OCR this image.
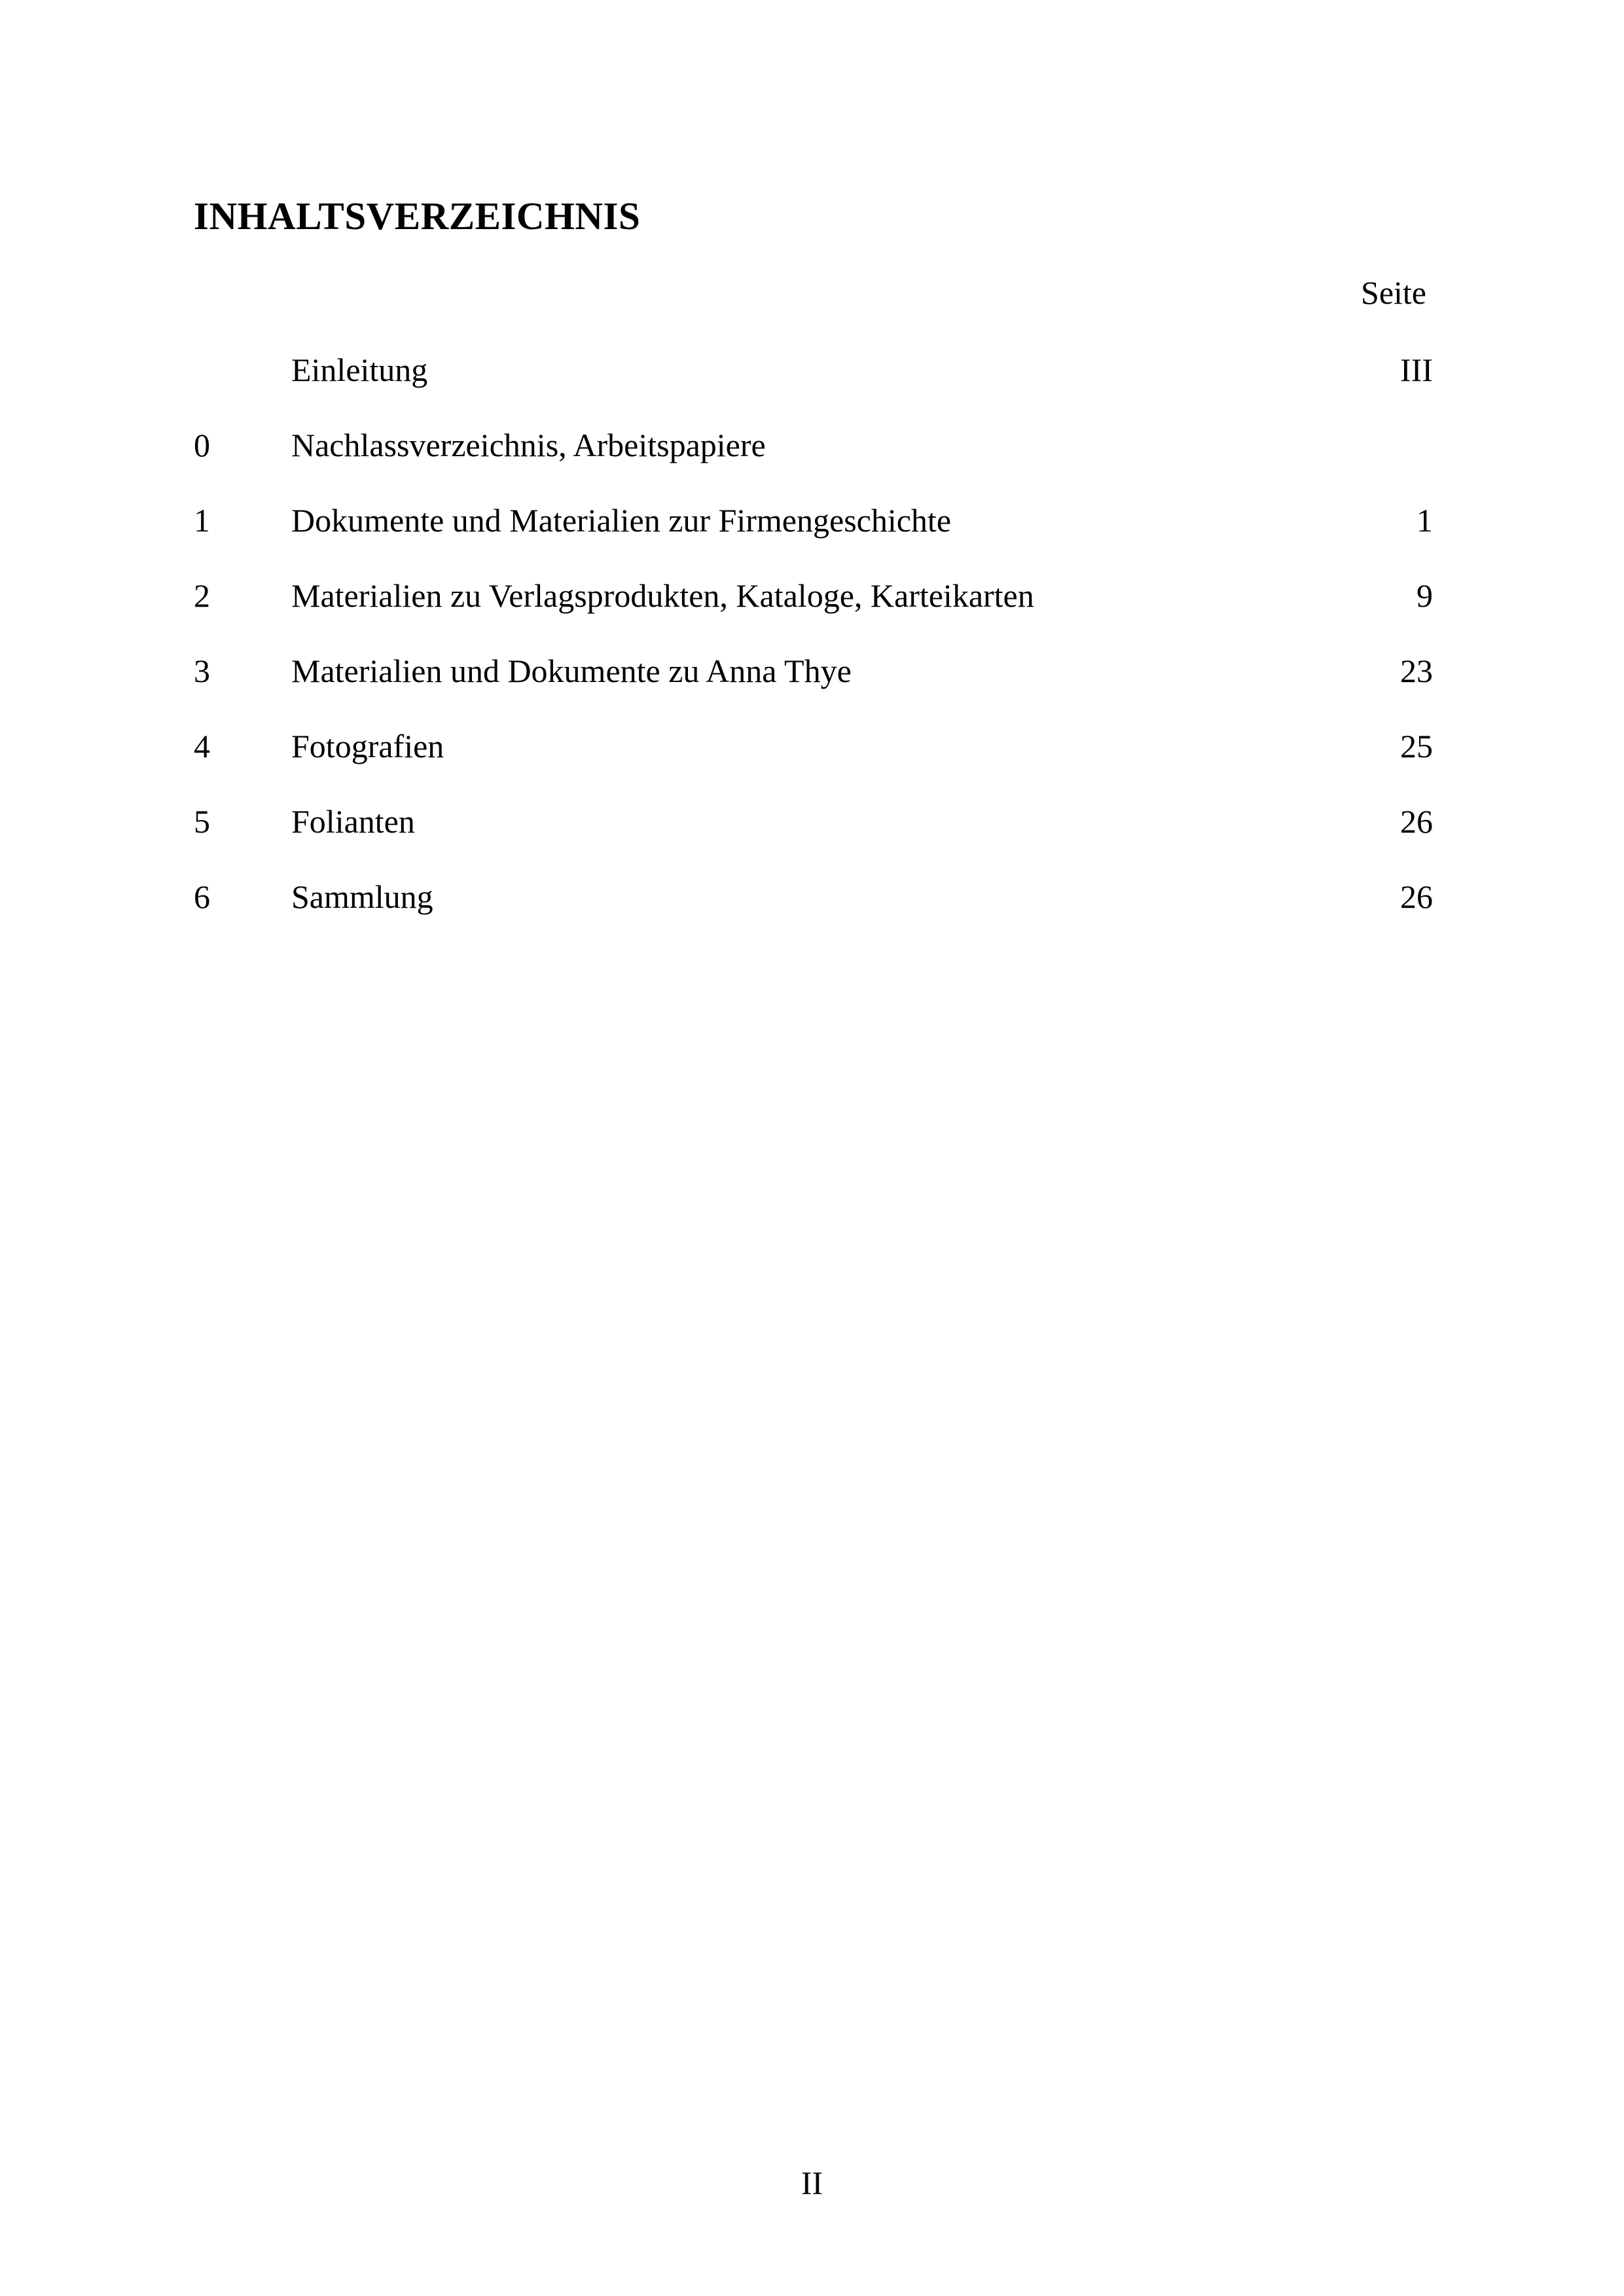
INHALTSVERZEICHNIS
Seite
Einleitung	III
0 Nachlassverzeichnis, Arbeitspapiere
1 Dokumente und Materialien zur Firmengeschichte	1
2 Materialien zu Verlagsprodukten, Kataloge, Karteikarten	9
3 Materialien und Dokumente zu Anna Thye	23
4 Fotografien	25
5 Folianten	26
6 Sammlung	26
II
